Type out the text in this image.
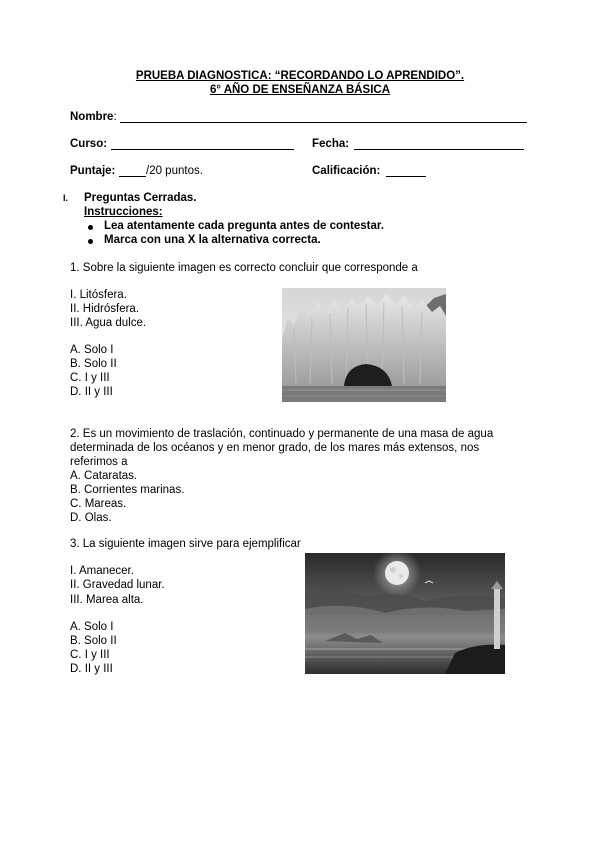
PRUEBA DIAGNOSTICA: “RECORDANDO LO APRENDIDO”.
6° AÑO DE ENSEÑANZA BÁSICA
Nombre:
Curso:	Fecha:
Puntaje:	/20 puntos.	Calificación:
I. Preguntas Cerradas.
Instrucciones:
Lea atentamente cada pregunta antes de contestar.
Marca con una X la alternativa correcta.
1. Sobre la siguiente imagen es correcto concluir que corresponde a
I. Litósfera.
II. Hidrósfera.
III. Agua dulce.
A. Solo I
B. Solo II
C. I y III
D. II y III
2. Es un movimiento de traslación, continuado y permanente de una masa de agua
determinada de los océanos y en menor grado, de los mares más extensos, nos
referimos a
A. Cataratas.
B. Corrientes marinas.
C. Mareas.
D. Olas.
3. La siguiente imagen sirve para ejemplificar
I. Amanecer.
II. Gravedad lunar.
III. Marea alta.
A. Solo I
B. Solo II
C. I y III
D. II y III
